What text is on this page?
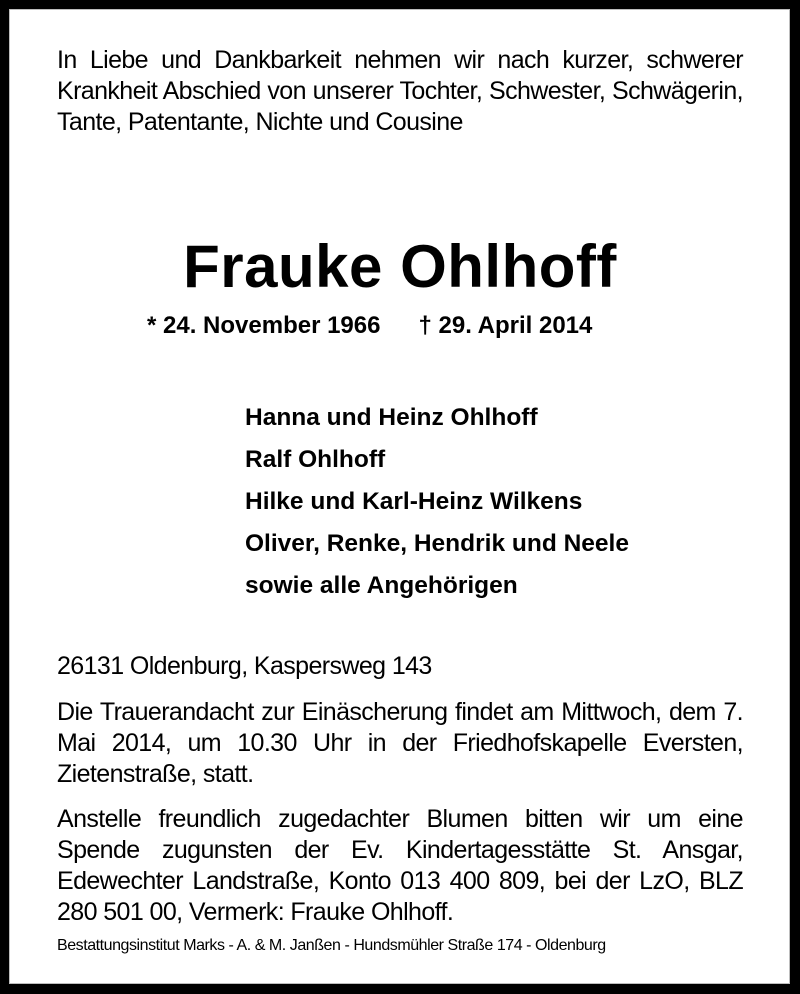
In Liebe und Dankbarkeit nehmen wir nach kurzer, schwerer Krankheit Abschied von unserer Tochter, Schwester, Schwägerin, Tante, Patentante, Nichte und Cousine

Frauke Ohlhoff
* 24. November 1966 † 29. April 2014
Hanna und Heinz Ohlhoff
Ralf Ohlhoff
Hilke und Karl-Heinz Wilkens
Oliver, Renke, Hendrik und Neele
sowie alle Angehörigen

26131 Oldenburg, Kaspersweg 143

Die Trauerandacht zur Einäscherung findet am Mittwoch, dem 7. Mai 2014, um 10.30 Uhr in der Friedhofskapelle Eversten, Zietenstraße, statt.

Anstelle freundlich zugedachter Blumen bitten wir um eine Spende zugunsten der Ev. Kindertagesstätte St. Ansgar, Edewechter Landstraße, Konto 013 400 809, bei der LzO, BLZ 280 501 00, Vermerk: Frauke Ohlhoff.

Bestattungsinstitut Marks - A. & M. Janßen - Hundsmühler Straße 174 - Oldenburg
